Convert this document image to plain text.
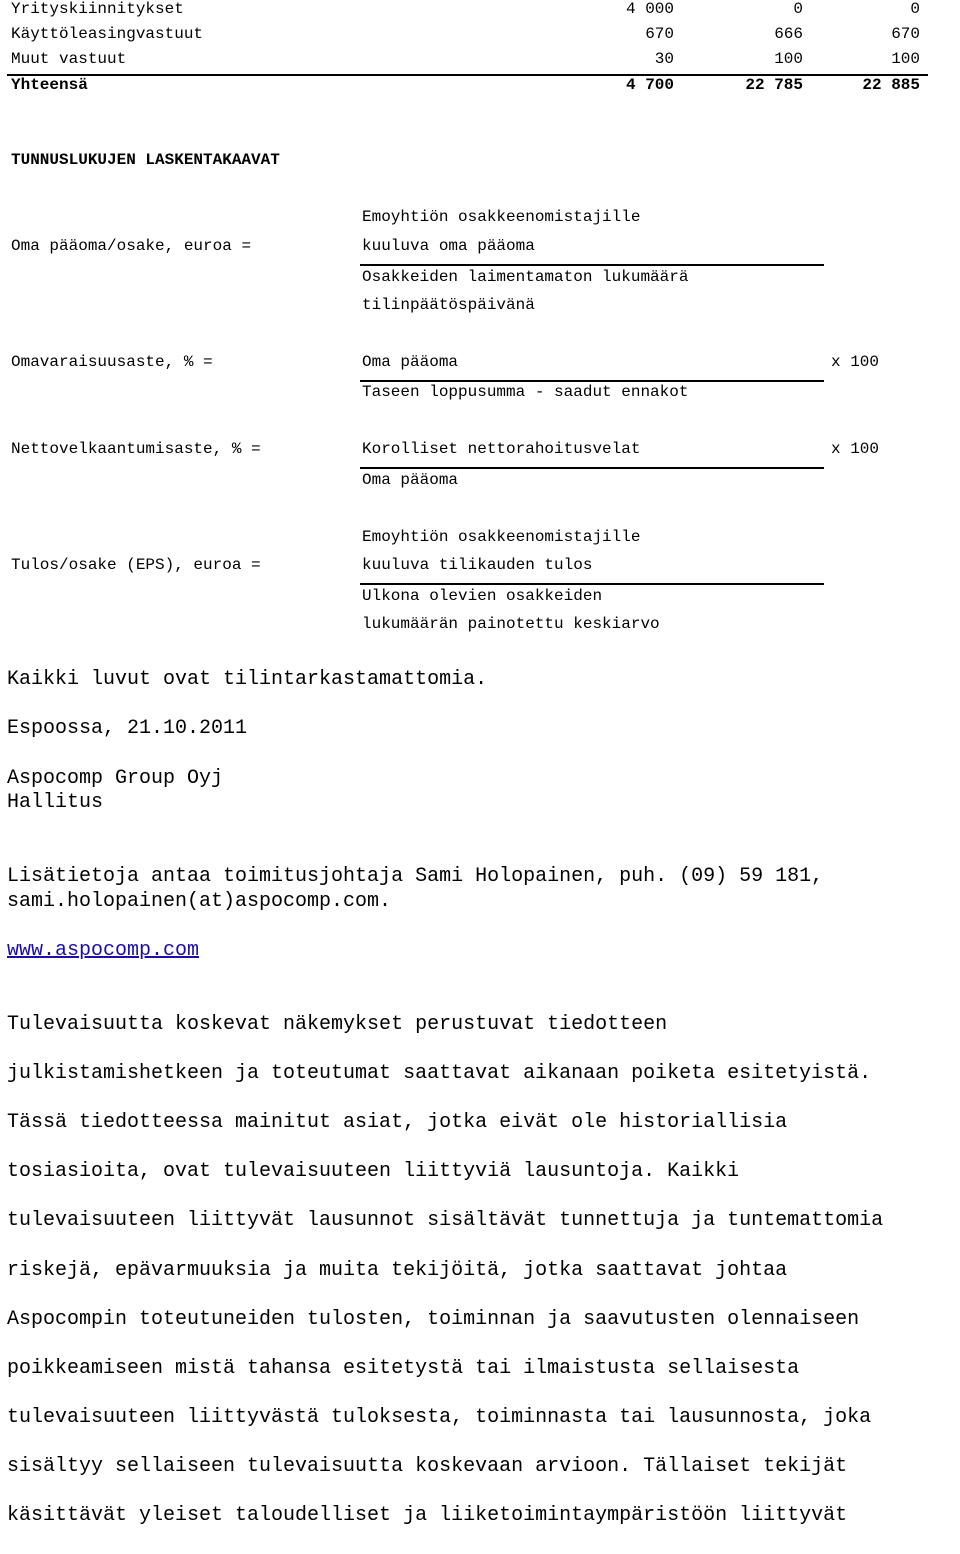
Yrityskiinnitykset	4 000	0	0
Käyttöleasingvastuut	670	666	670
Muut vastuut	30	100	100
Yhteensä	4 700	22 785	22 885
TUNNUSLUKUJEN LASKENTAKAAVAT
Oma pääoma/osake, euroa =
Emoyhtiön osakkeenomistajille
kuuluva oma pääoma
Osakkeiden laimentamaton lukumäärä
tilinpäätöspäivänä
Omavaraisuusaste, % =	Oma pääoma	x 100
Taseen loppusumma - saadut ennakot
Nettovelkaantumisaste, % =	Korolliset nettorahoitusvelat	x 100
Oma pääoma
Tulos/osake (EPS), euroa =
Emoyhtiön osakkeenomistajille
kuuluva tilikauden tulos
Ulkona olevien osakkeiden
lukumäärän painotettu keskiarvo
Kaikki luvut ovat tilintarkastamattomia.
Espoossa, 21.10.2011
Aspocomp Group Oyj
Hallitus
Lisätietoja antaa toimitusjohtaja Sami Holopainen, puh. (09) 59 181,
sami.holopainen(at)aspocomp.com.
www.aspocomp.com

Tulevaisuutta koskevat näkemykset perustuvat tiedotteen

julkistamishetkeen ja toteutumat saattavat aikanaan poiketa esitetyistä.

Tässä tiedotteessa mainitut asiat, jotka eivät ole historiallisia

tosiasioita, ovat tulevaisuuteen liittyviä lausuntoja. Kaikki

tulevaisuuteen liittyvät lausunnot sisältävät tunnettuja ja tuntemattomia

riskejä, epävarmuuksia ja muita tekijöitä, jotka saattavat johtaa

Aspocompin toteutuneiden tulosten, toiminnan ja saavutusten olennaiseen

poikkeamiseen mistä tahansa esitetystä tai ilmaistusta sellaisesta

tulevaisuuteen liittyvästä tuloksesta, toiminnasta tai lausunnosta, joka

sisältyy sellaiseen tulevaisuutta koskevaan arvioon. Tällaiset tekijät

käsittävät yleiset taloudelliset ja liiketoimintaympäristöön liittyvät
